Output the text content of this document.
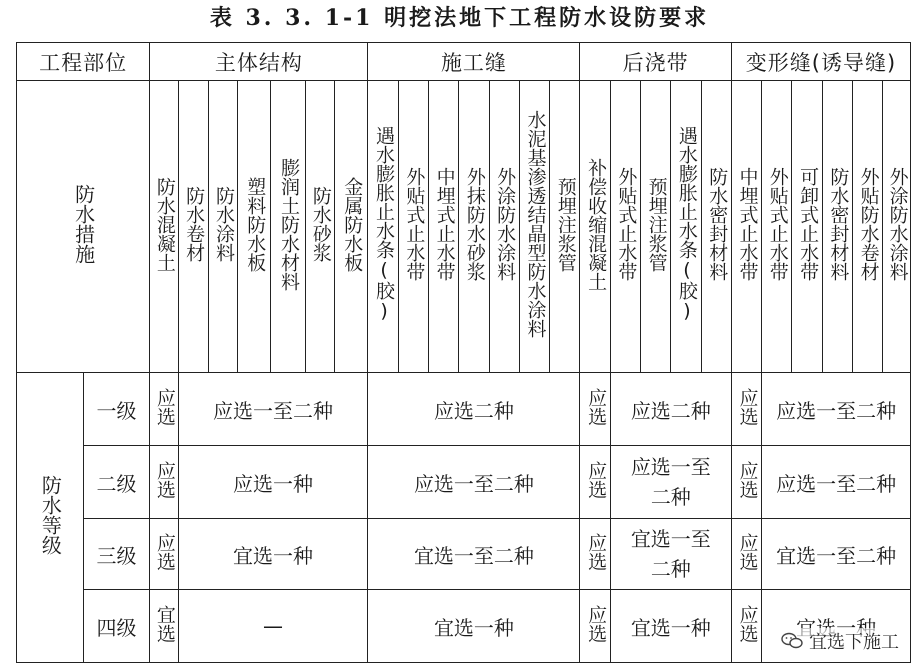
表 3. 3. 1-1 明挖法地下工程防水设防要求
工程部位		主体结构							施工缝							后浇带					变形缝(诱导缝)					
防水措施		防水混凝土	防水卷材	防水涂料	塑料防水板	膨润土防水材料	防水砂浆	金属防水板	遇水膨胀止水条(胶)	外贴式止水带	中埋式止水带	外抹防水砂浆	外涂防水涂料	水泥基渗透结晶型防水涂料	预埋注浆管	补偿收缩混凝土	外贴式止水带	预埋注浆管	遇水膨胀止水条(胶)	防水密封材料	中埋式止水带	外贴式止水带	可卸式止水带	防水密封材料	外贴防水卷材	外涂防水涂料
防水等级	一级	应选	应选一至二种						应选二种							应选	应选二种				应选	应选一至二种				
	二级	应选	应选一种						应选一至二种							应选	应选一至二种				应选	应选一至二种				
	三级	应选	宜选一种						宜选一至二种							应选	宜选一至二种				应选	宜选一至二种				
	四级	宜选	—						宜选一种							应选	宜选一种				应选		宜选下施工
